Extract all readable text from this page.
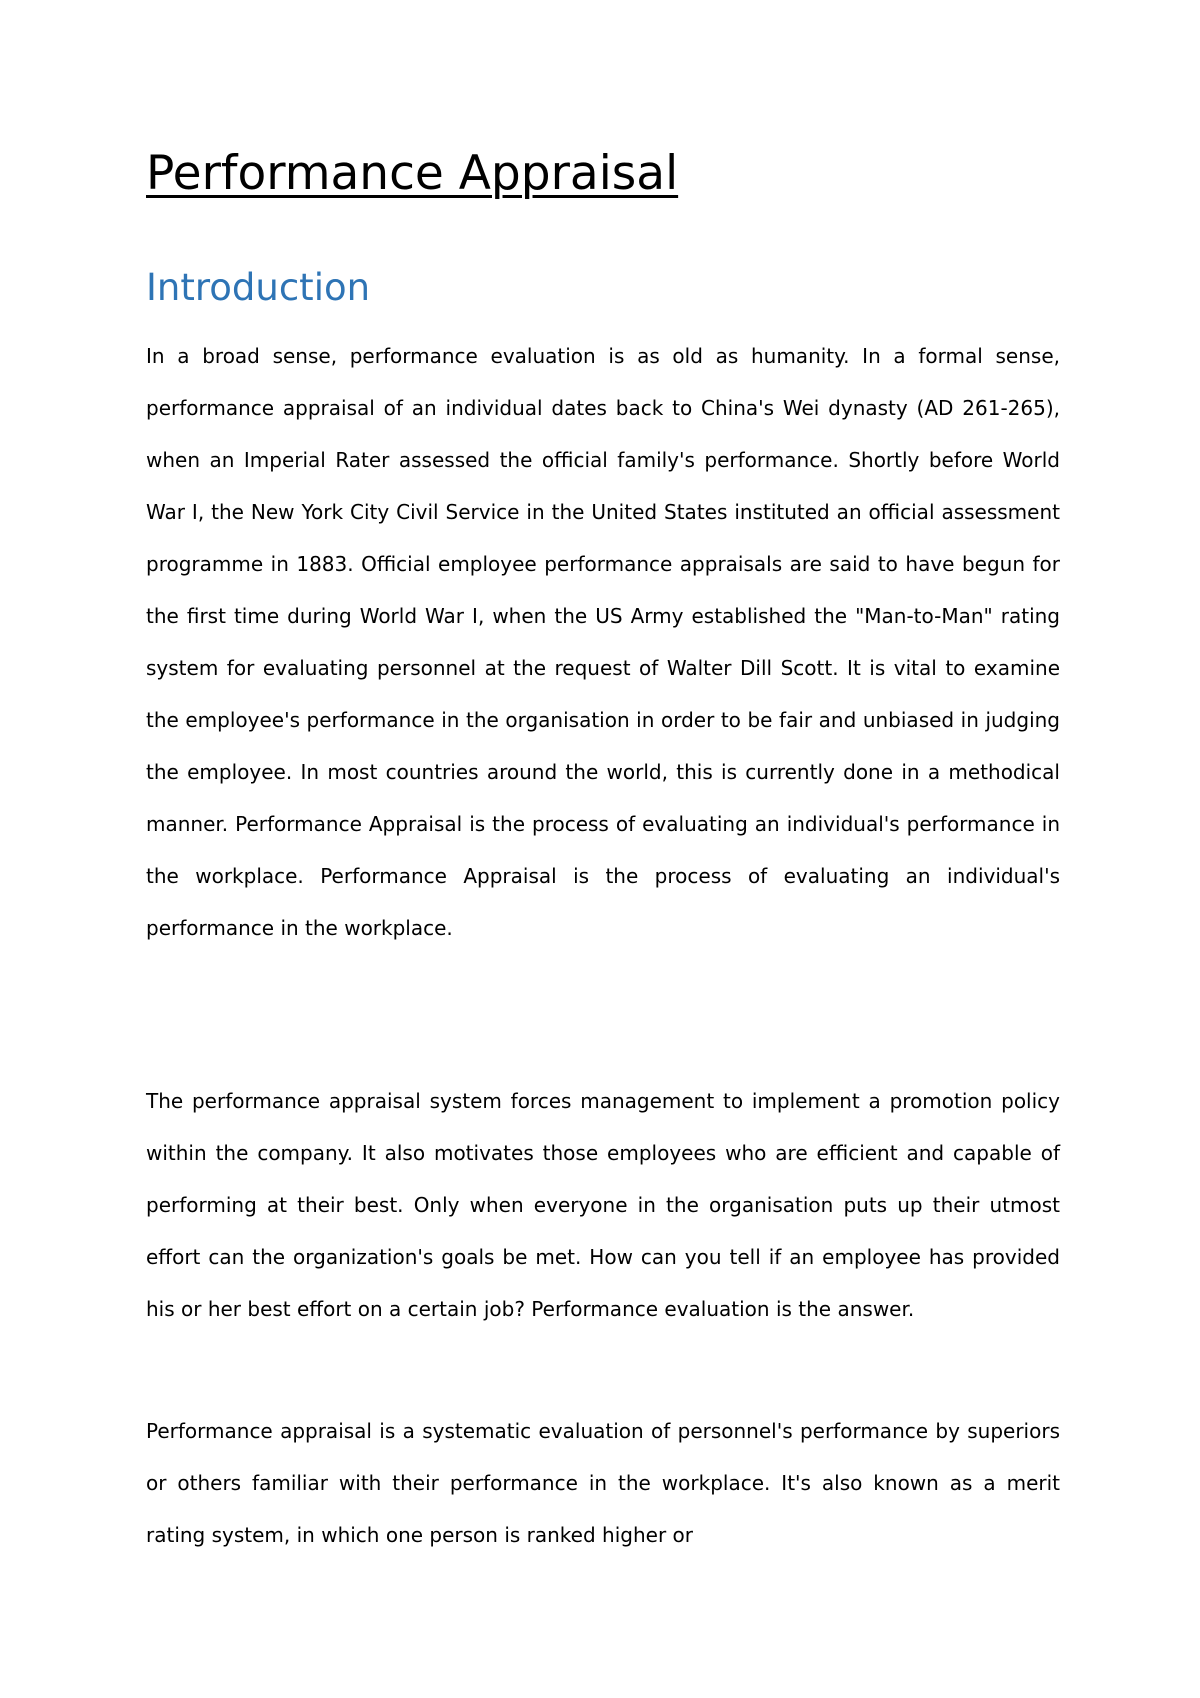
Performance Appraisal
Introduction

In a broad sense, performance evaluation is as old as humanity. In a formal sense, performance appraisal of an individual dates back to China's Wei dynasty (AD 261-265), when an Imperial Rater assessed the official family's performance. Shortly before World War I, the New York City Civil Service in the United States instituted an official assessment programme in 1883. Official employee performance appraisals are said to have begun for the first time during World War I, when the US Army established the "Man-to-Man" rating system for evaluating personnel at the request of Walter Dill Scott. It is vital to examine the employee's performance in the organisation in order to be fair and unbiased in judging the employee. In most countries around the world, this is currently done in a methodical manner. Performance Appraisal is the process of evaluating an individual's performance in the workplace. Performance Appraisal is the process of evaluating an individual's performance in the workplace.

The performance appraisal system forces management to implement a promotion policy within the company. It also motivates those employees who are efficient and capable of performing at their best. Only when everyone in the organisation puts up their utmost effort can the organization's goals be met. How can you tell if an employee has provided his or her best effort on a certain job? Performance evaluation is the answer.

Performance appraisal is a systematic evaluation of personnel's performance by superiors or others familiar with their performance in the workplace. It's also known as a merit rating system, in which one person is ranked higher or
